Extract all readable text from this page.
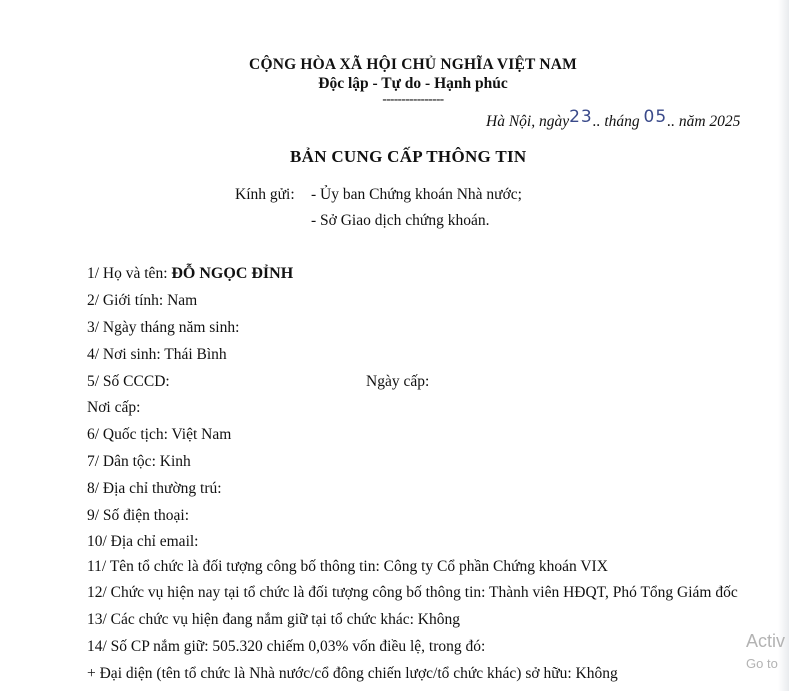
CỘNG HÒA XÃ HỘI CHỦ NGHĨA VIỆT NAM
Độc lập - Tự do - Hạnh phúc
----------------
Hà Nội, ngày23.. tháng 05.. năm 2025
BẢN CUNG CẤP THÔNG TIN
Kính gửi: - Ủy ban Chứng khoán Nhà nước;
- Sở Giao dịch chứng khoán.
1/ Họ và tên: ĐỖ NGỌC ĐỈNH
2/ Giới tính: Nam
3/ Ngày tháng năm sinh:
4/ Nơi sinh: Thái Bình
5/ Số CCCD:	Ngày cấp:
Nơi cấp:
6/ Quốc tịch: Việt Nam
7/ Dân tộc: Kinh
8/ Địa chỉ thường trú:
9/ Số điện thoại:
10/ Địa chỉ email:
11/ Tên tổ chức là đối tượng công bố thông tin: Công ty Cổ phần Chứng khoán VIX
12/ Chức vụ hiện nay tại tổ chức là đối tượng công bố thông tin: Thành viên HĐQT, Phó Tổng Giám đốc
13/ Các chức vụ hiện đang nắm giữ tại tổ chức khác: Không
14/ Số CP nắm giữ: 505.320 chiếm 0,03% vốn điều lệ, trong đó:
+ Đại diện (tên tổ chức là Nhà nước/cổ đông chiến lược/tổ chức khác) sở hữu: Không
Activ
Go to
